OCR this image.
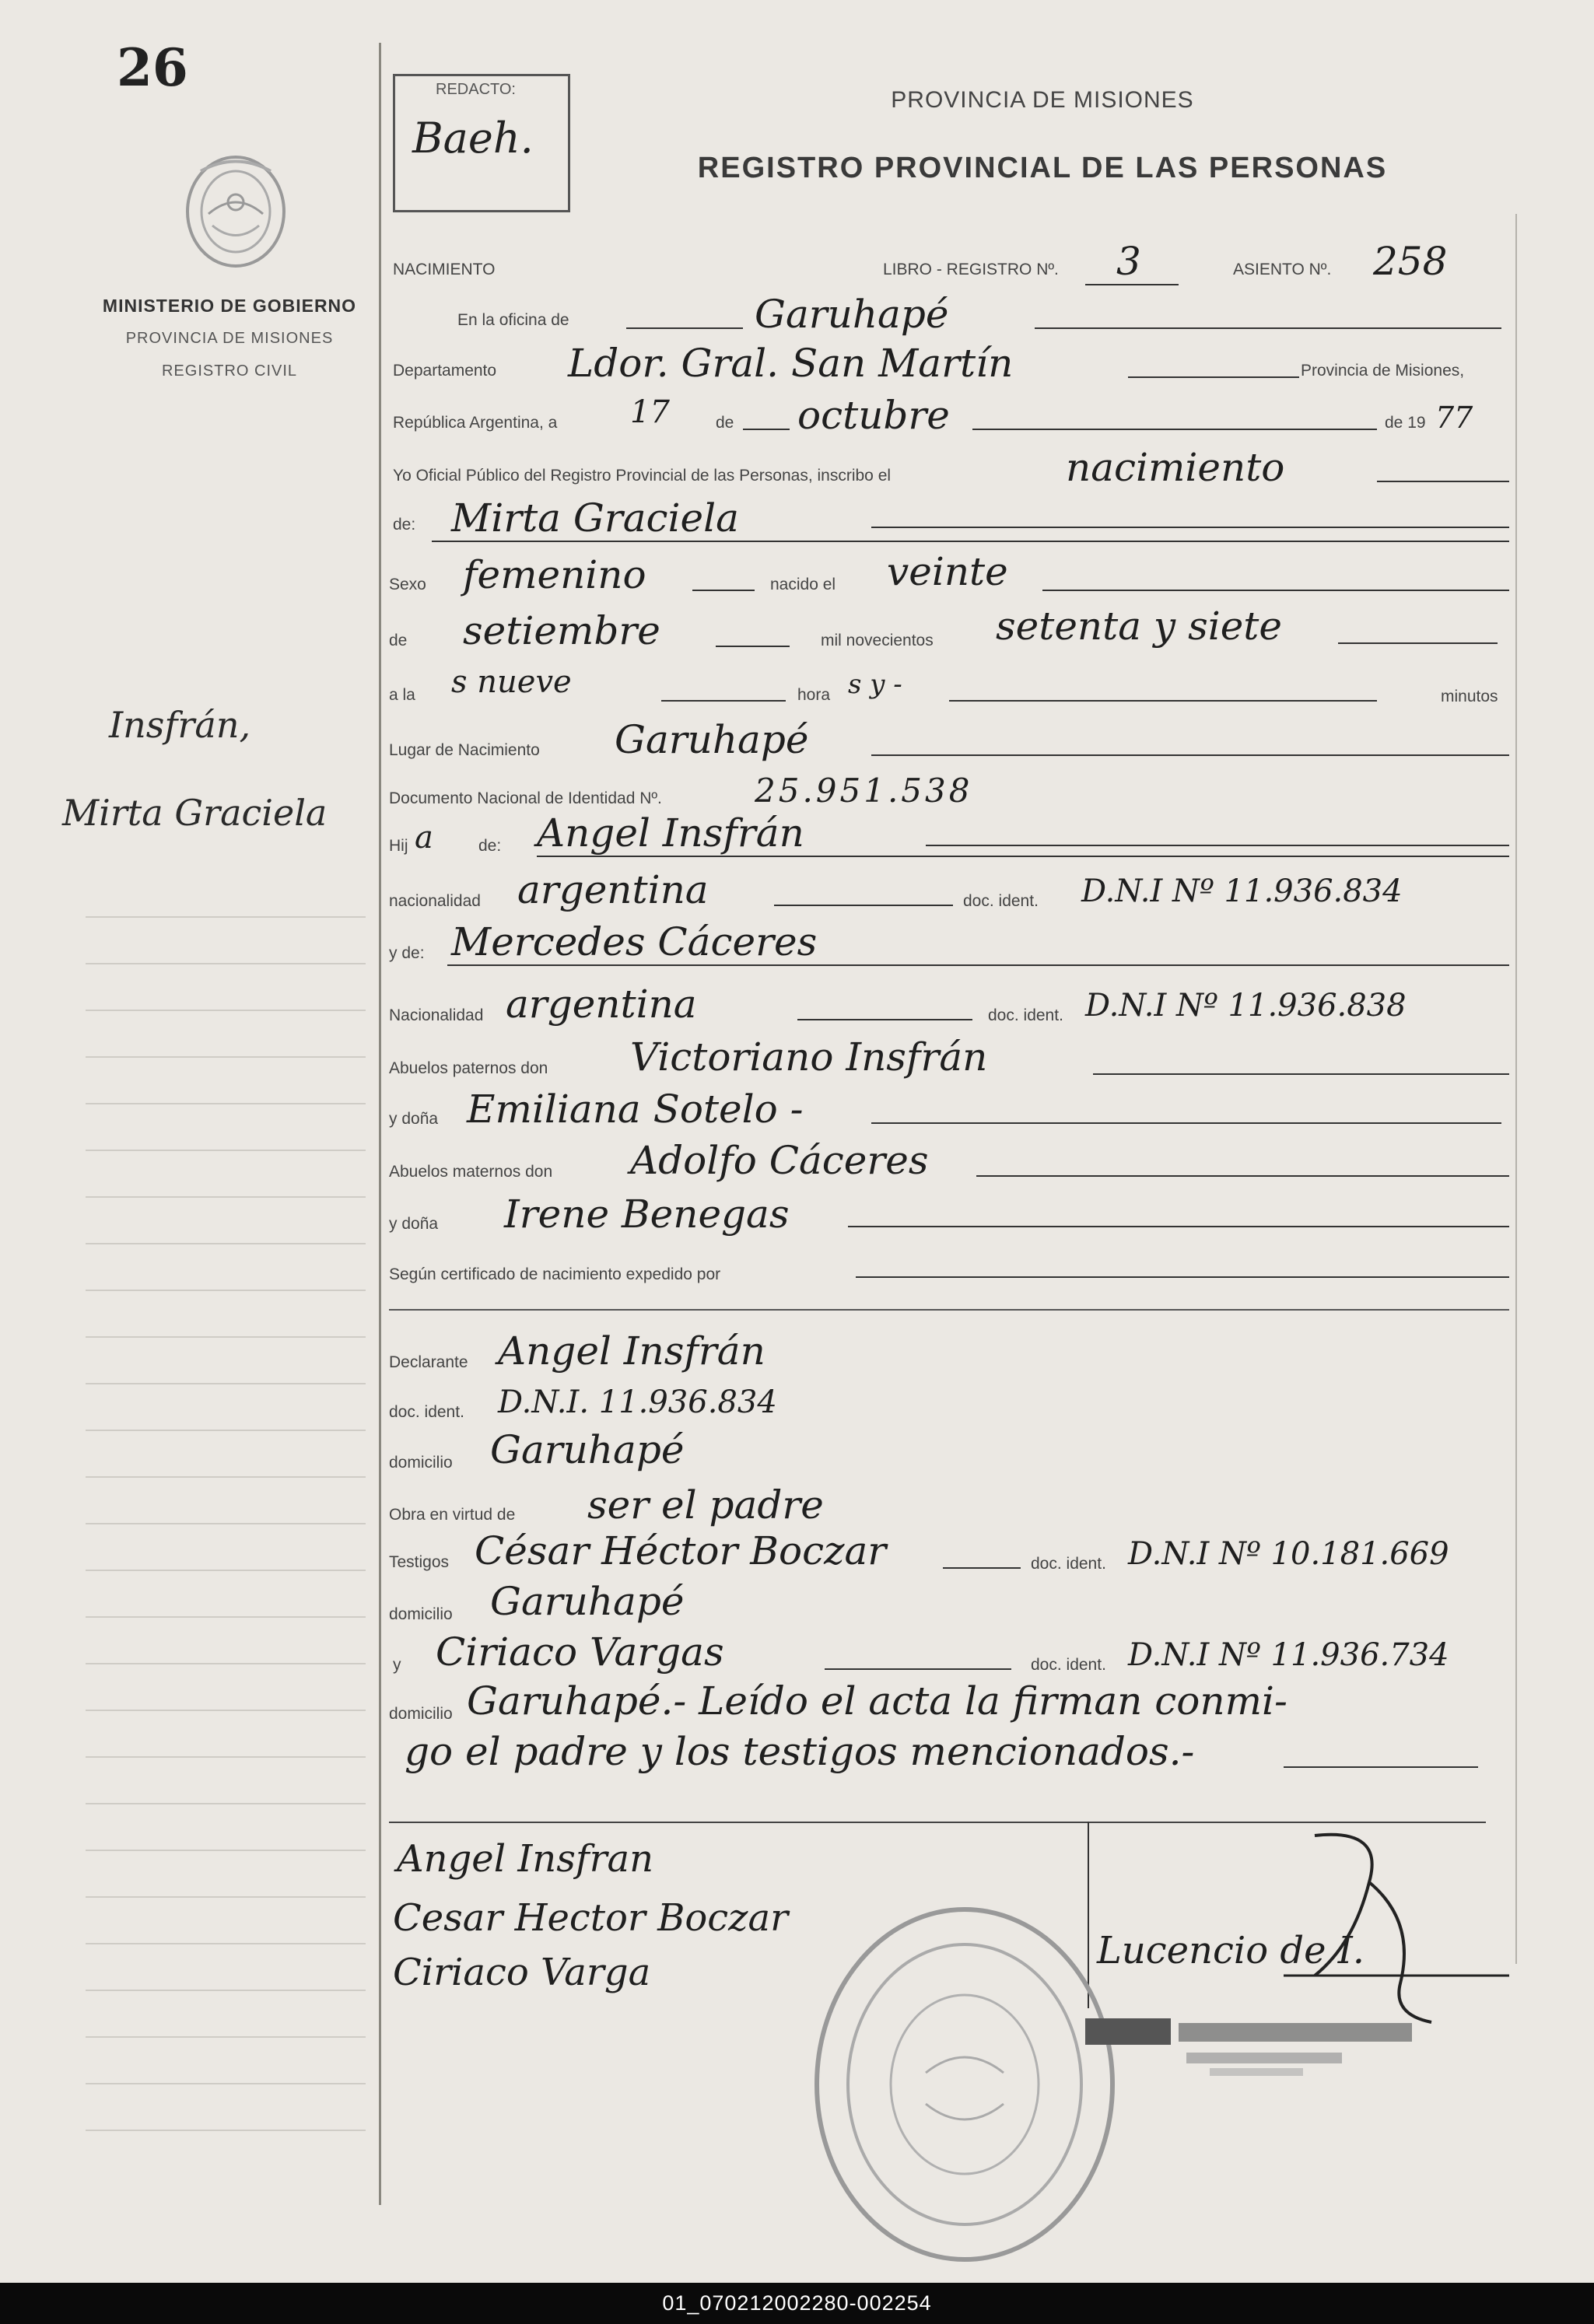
26
MINISTERIO DE GOBIERNO
PROVINCIA DE MISIONES
REGISTRO CIVIL
Insfrán,
Mirta Graciela
REDACTO:
Baeh.
PROVINCIA DE MISIONES
REGISTRO PROVINCIAL DE LAS PERSONAS
NACIMIENTO	LIBRO - REGISTRO Nº. 3	ASIENTO Nº. 258
En la oficina de	Garuhapé
Departamento Ldor. Gral. San Martín	Provincia de Misiones,
República Argentina, a 17	de octubre	de 19 77
Yo Oficial Público del Registro Provincial de las Personas, inscribo el	nacimiento
de: Mirta Graciela
Sexo femenino	nacido el veinte
de setiembre	mil novecientos setenta y siete
a la s nueve	hora s y -	minutos
Lugar de Nacimiento Garuhapé
Documento Nacional de Identidad Nº.	25.951.538
Hij a	de: Angel Insfrán
nacionalidad argentina	doc. ident. D.N.I Nº 11.936.834
y de: Mercedes Cáceres
Nacionalidad argentina	doc. ident. D.N.I Nº 11.936.838
Abuelos paternos don Victoriano Insfrán
y doña Emiliana Sotelo -
Abuelos maternos don Adolfo Cáceres
y doña Irene Benegas
Según certificado de nacimiento expedido por
Declarante Angel Insfrán
doc. ident. D.N.I. 11.936.834
domicilio Garuhapé
Obra en virtud de ser el padre
Testigos César Héctor Boczar	doc. ident. D.N.I Nº 10.181.669
domicilio Garuhapé
y Ciriaco Vargas	doc. ident. D.N.I Nº 11.936.734
domicilio Garuhapé.- Leído el acta la firman conmi-
go el padre y los testigos mencionados.-
Angel Insfran
Cesar Hector Boczar
Ciriaco Varga	Lucencio de I.
01_070212002280-002254
